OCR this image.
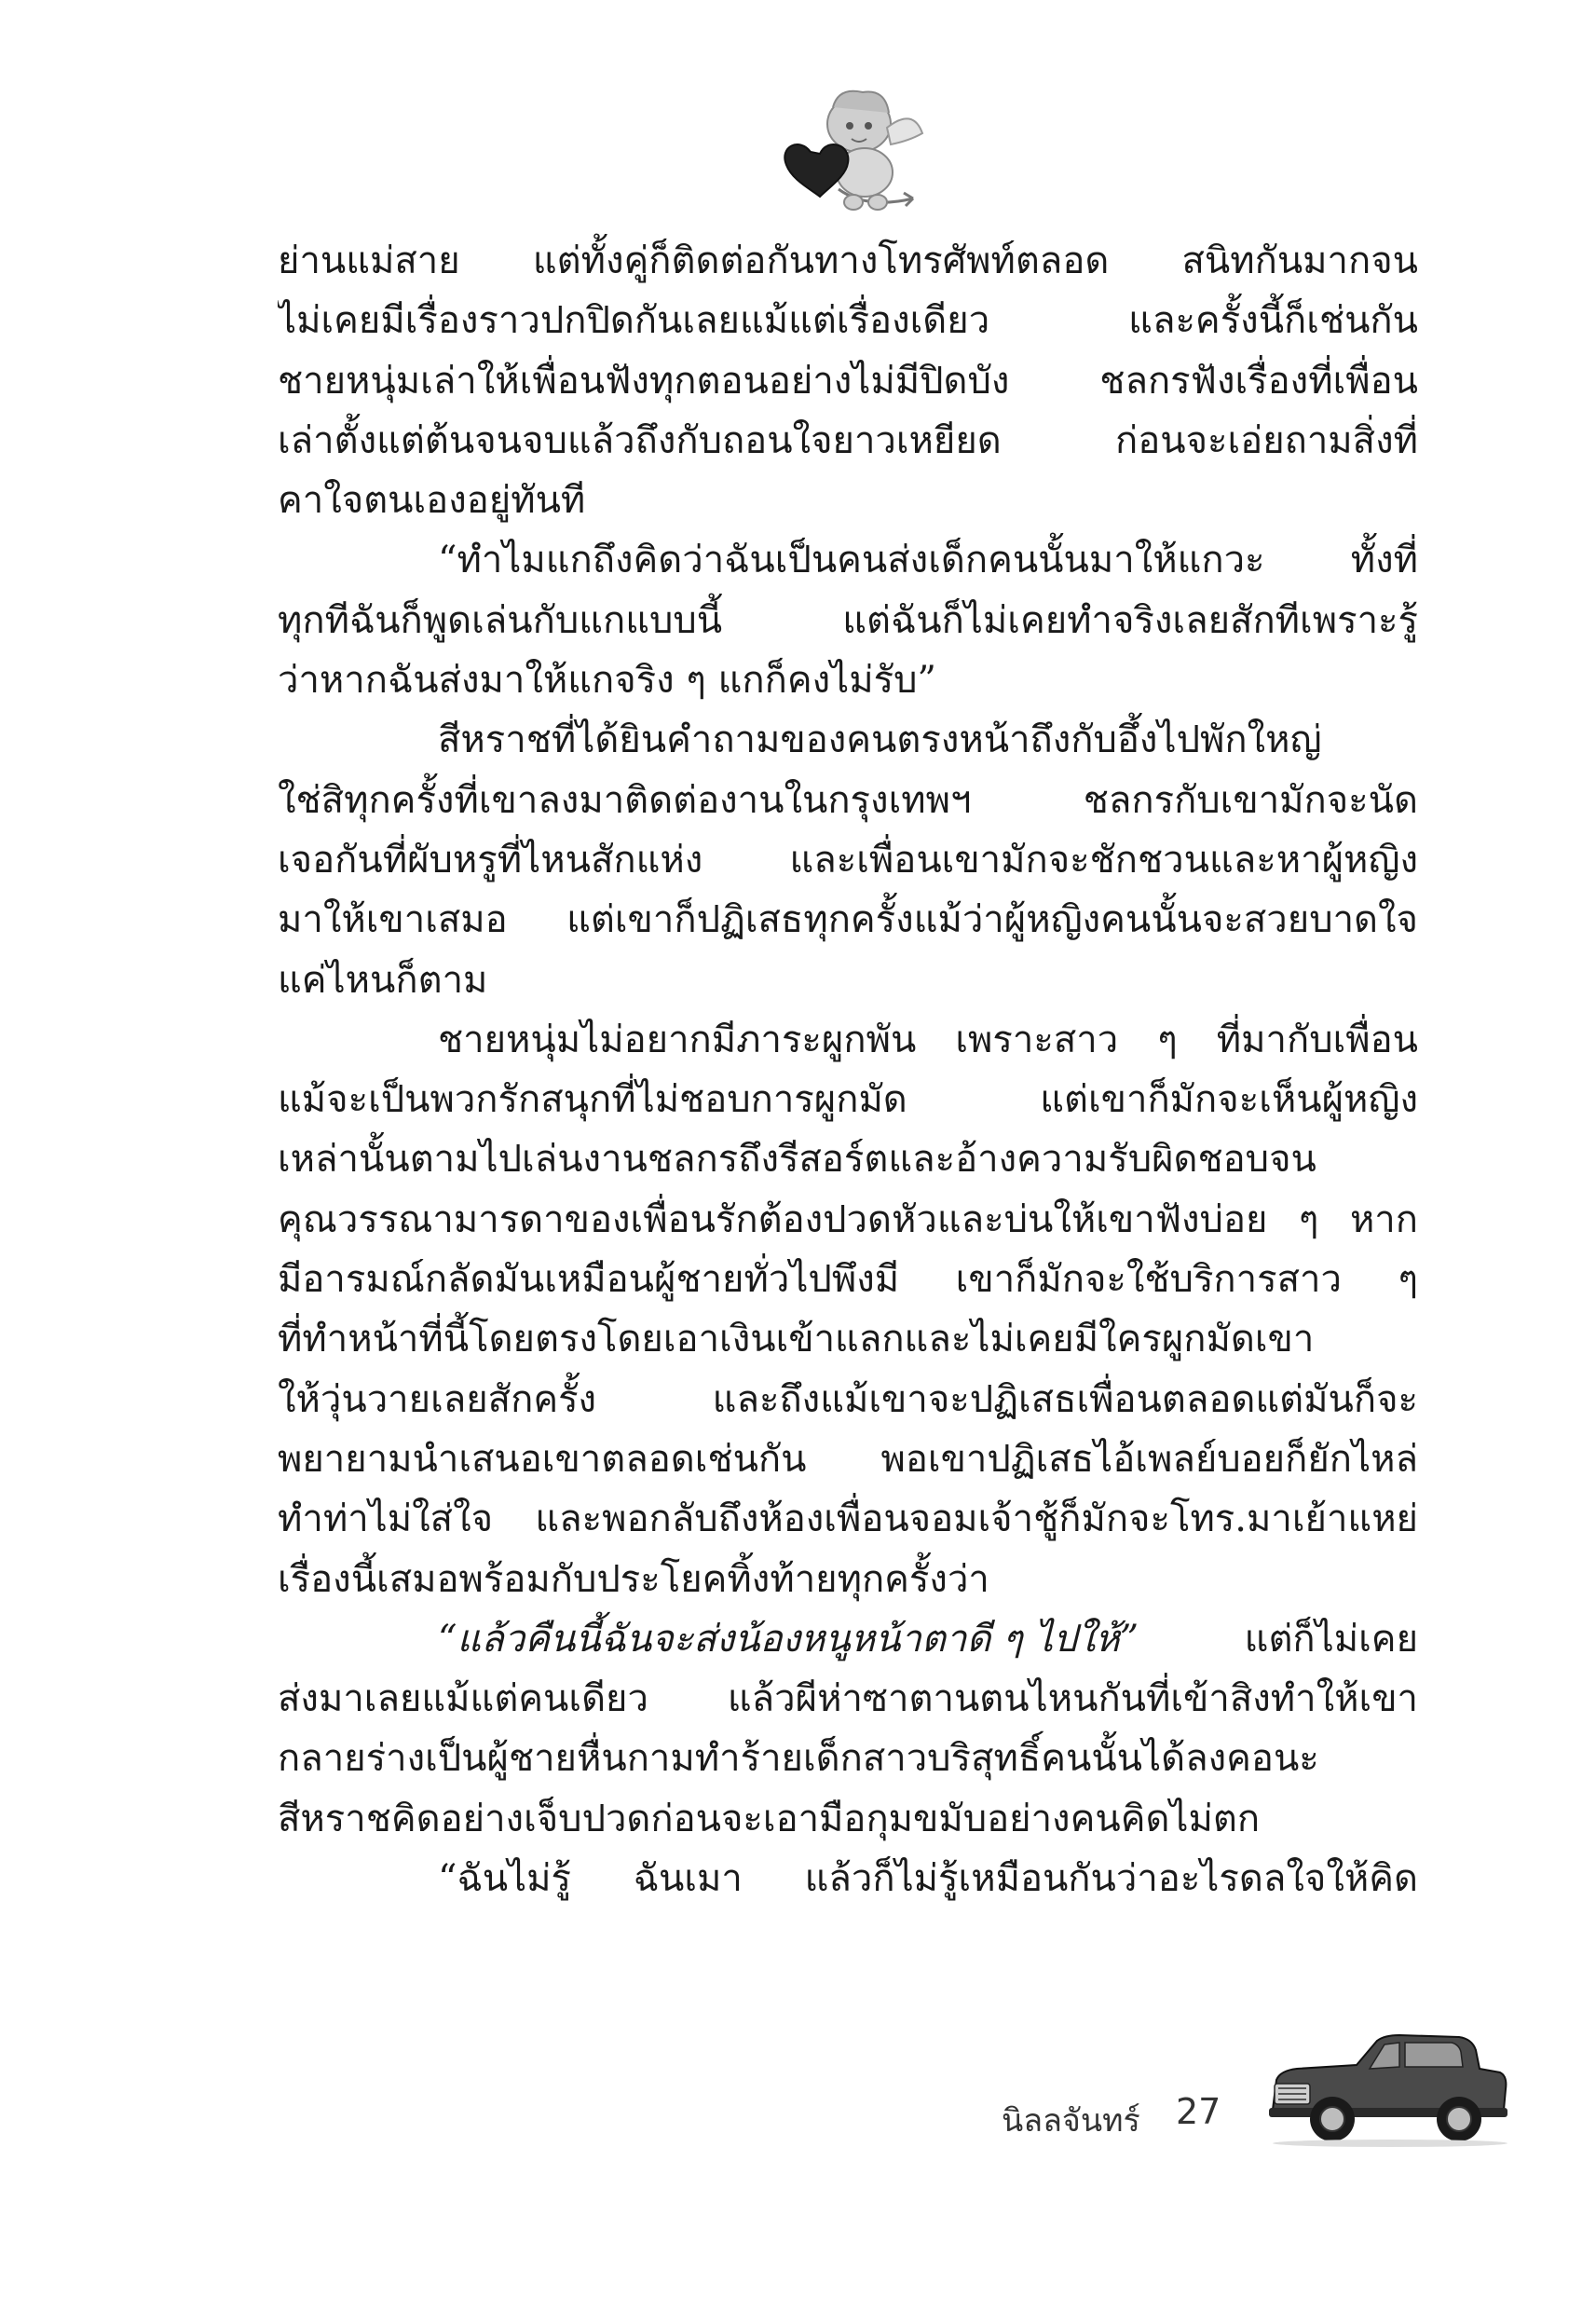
ย่านแม่สาย แต่ทั้งคู่ก็ติดต่อกันทางโทรศัพท์ตลอด สนิทกันมากจน
ไม่เคยมีเรื่องราวปกปิดกันเลยแม้แต่เรื่องเดียว และครั้งนี้ก็เช่นกัน
ชายหนุ่มเล่าให้เพื่อนฟังทุกตอนอย่างไม่มีปิดบัง ชลกรฟังเรื่องที่เพื่อน
เล่าตั้งแต่ต้นจนจบแล้วถึงกับถอนใจยาวเหยียด ก่อนจะเอ่ยถามสิ่งที่
คาใจตนเองอยู่ทันที
“ทำไมแกถึงคิดว่าฉันเป็นคนส่งเด็กคนนั้นมาให้แกวะ ทั้งที่
ทุกทีฉันก็พูดเล่นกับแกแบบนี้ แต่ฉันก็ไม่เคยทำจริงเลยสักทีเพราะรู้
ว่าหากฉันส่งมาให้แกจริง ๆ แกก็คงไม่รับ”
สีหราชที่ได้ยินคำถามของคนตรงหน้าถึงกับอึ้งไปพักใหญ่
ใช่สิทุกครั้งที่เขาลงมาติดต่องานในกรุงเทพฯ ชลกรกับเขามักจะนัด
เจอกันที่ผับหรูที่ไหนสักแห่ง และเพื่อนเขามักจะชักชวนและหาผู้หญิง
มาให้เขาเสมอ แต่เขาก็ปฏิเสธทุกครั้งแม้ว่าผู้หญิงคนนั้นจะสวยบาดใจ
แค่ไหนก็ตาม
ชายหนุ่มไม่อยากมีภาระผูกพัน เพราะสาว ๆ ที่มากับเพื่อน
แม้จะเป็นพวกรักสนุกที่ไม่ชอบการผูกมัด แต่เขาก็มักจะเห็นผู้หญิง
เหล่านั้นตามไปเล่นงานชลกรถึงรีสอร์ตและอ้างความรับผิดชอบจน
คุณวรรณามารดาของเพื่อนรักต้องปวดหัวและบ่นให้เขาฟังบ่อย ๆ หาก
มีอารมณ์กลัดมันเหมือนผู้ชายทั่วไปพึงมี เขาก็มักจะใช้บริการสาว ๆ
ที่ทำหน้าที่นี้โดยตรงโดยเอาเงินเข้าแลกและไม่เคยมีใครผูกมัดเขา
ให้วุ่นวายเลยสักครั้ง และถึงแม้เขาจะปฏิเสธเพื่อนตลอดแต่มันก็จะ
พยายามนำเสนอเขาตลอดเช่นกัน พอเขาปฏิเสธไอ้เพลย์บอยก็ยักไหล่
ทำท่าไม่ใส่ใจ และพอกลับถึงห้องเพื่อนจอมเจ้าชู้ก็มักจะโทร.มาเย้าแหย่
เรื่องนี้เสมอพร้อมกับประโยคทิ้งท้ายทุกครั้งว่า
“แล้วคืนนี้ฉันจะส่งน้องหนูหน้าตาดี ๆ ไปให้”	แต่ก็ไม่เคย
ส่งมาเลยแม้แต่คนเดียว แล้วผีห่าซาตานตนไหนกันที่เข้าสิงทำให้เขา
กลายร่างเป็นผู้ชายหื่นกามทำร้ายเด็กสาวบริสุทธิ์คนนั้นได้ลงคอนะ
สีหราชคิดอย่างเจ็บปวดก่อนจะเอามือกุมขมับอย่างคนคิดไม่ตก
“ฉันไม่รู้ ฉันเมา แล้วก็ไม่รู้เหมือนกันว่าอะไรดลใจให้คิด
นิลลจันทร์ 27
